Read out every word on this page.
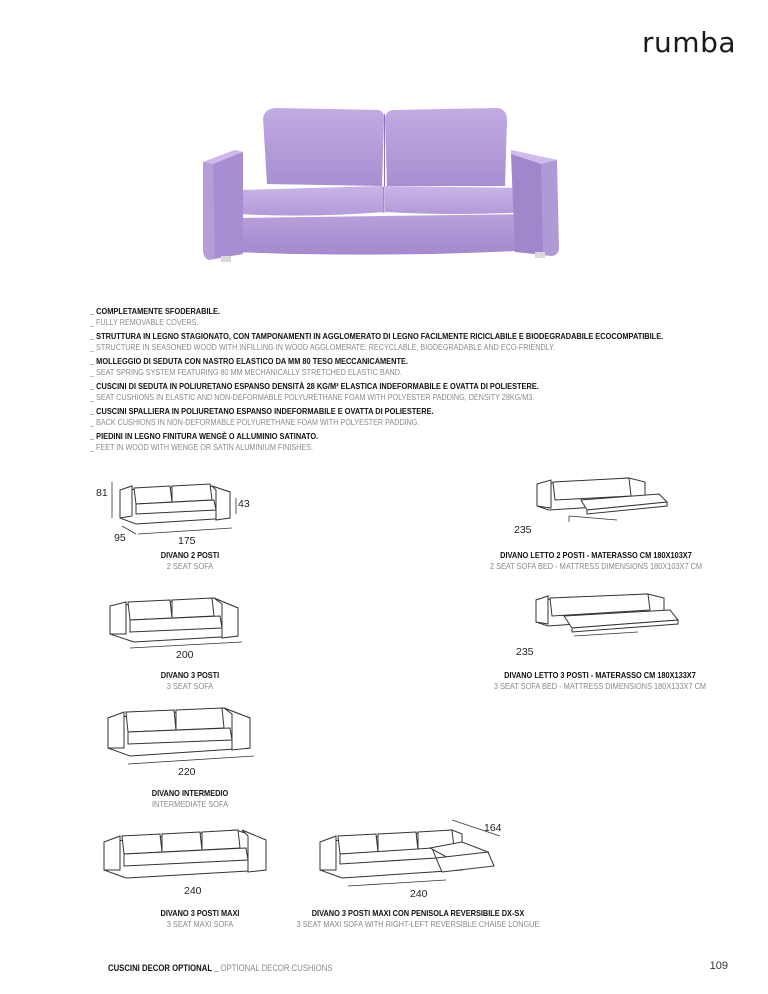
rumba
_ COMPLETAMENTE SFODERABILE.
_ FULLY REMOVABLE COVERS.
_ STRUTTURA IN LEGNO STAGIONATO, CON TAMPONAMENTI IN AGGLOMERATO DI LEGNO FACILMENTE RICICLABILE E BIODEGRADABILE ECOCOMPATIBILE.
_ STRUCTURE IN SEASONED WOOD WITH INFILLING IN WOOD AGGLOMERATE: RECYCLABLE, BIODEGRADABLE AND ECO-FRIENDLY.
_ MOLLEGGIO DI SEDUTA CON NASTRO ELASTICO DA MM 80 TESO MECCANICAMENTE.
_ SEAT SPRING SYSTEM FEATURING 80 MM MECHANICALLY STRETCHED ELASTIC BAND.
_ CUSCINI DI SEDUTA IN POLIURETANO ESPANSO DENSITÀ 28 KG/M³ ELASTICA INDEFORMABILE E OVATTA DI POLIESTERE.
_ SEAT CUSHIONS IN ELASTIC AND NON-DEFORMABLE POLYURETHANE FOAM WITH POLYESTER PADDING, DENSITY 28KG/M3.
_ CUSCINI SPALLIERA IN POLIURETANO ESPANSO INDEFORMABILE E OVATTA DI POLIESTERE.
_ BACK CUSHIONS IN NON-DEFORMABLE POLYURETHANE FOAM WITH POLYESTER PADDING.
_ PIEDINI IN LEGNO FINITURA WENGÈ O ALLUMINIO SATINATO.
_ FEET IN WOOD WITH WENGE OR SATIN ALUMINIUM FINISHES.
81
43
95	175
DIVANO 2 POSTI
2 SEAT SOFA
235
DIVANO LETTO 2 POSTI - MATERASSO CM 180X103X7
2 SEAT SOFA BED - MATTRESS DIMENSIONS 180X103X7 CM
200
DIVANO 3 POSTI
3 SEAT SOFA
235
DIVANO LETTO 3 POSTI - MATERASSO CM 180X133X7
3 SEAT SOFA BED - MATTRESS DIMENSIONS 180X133X7 CM
220
DIVANO INTERMEDIO
INTERMEDIATE SOFA
240
DIVANO 3 POSTI MAXI
3 SEAT MAXI SOFA
164
240
DIVANO 3 POSTI MAXI CON PENISOLA REVERSIBILE DX-SX
3 SEAT MAXI SOFA WITH RIGHT-LEFT REVERSIBLE CHAISE LONGUE
CUSCINI DECOR OPTIONAL _ OPTIONAL DECOR CUSHIONS	109
